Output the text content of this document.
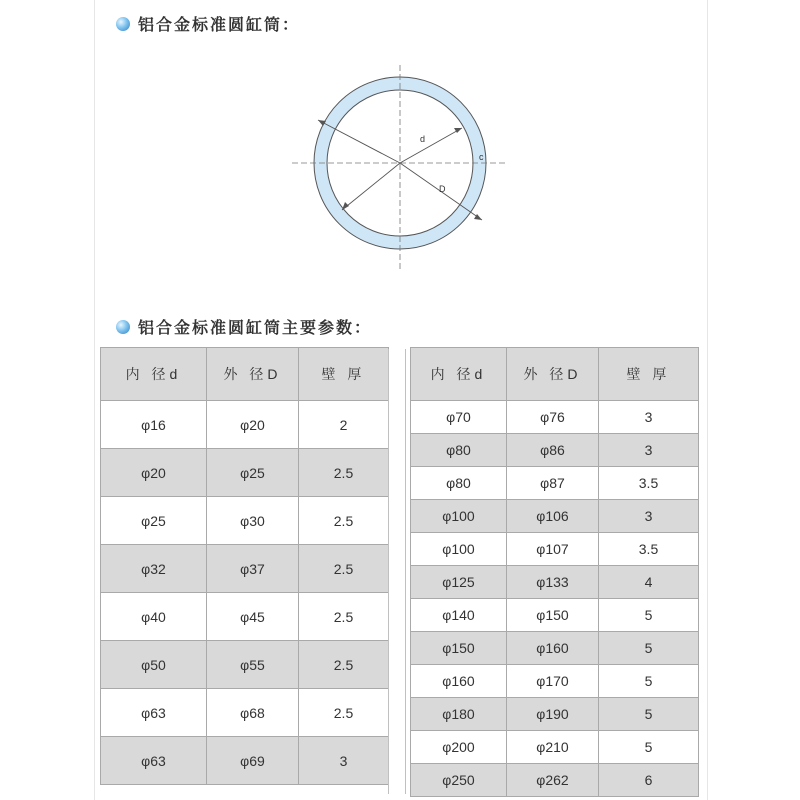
铝合金标准圆缸筒：
d
D
c
铝合金标准圆缸筒主要参数：
内 径d	外 径D	壁 厚
φ16	φ20	2
φ20	φ25	2.5
φ25	φ30	2.5
φ32	φ37	2.5
φ40	φ45	2.5
φ50	φ55	2.5
φ63	φ68	2.5
φ63	φ69	3
内 径d	外 径D	壁 厚
φ70	φ76	3
φ80	φ86	3
φ80	φ87	3.5
φ100	φ106	3
φ100	φ107	3.5
φ125	φ133	4
φ140	φ150	5
φ150	φ160	5
φ160	φ170	5
φ180	φ190	5
φ200	φ210	5
φ250	φ262	6
